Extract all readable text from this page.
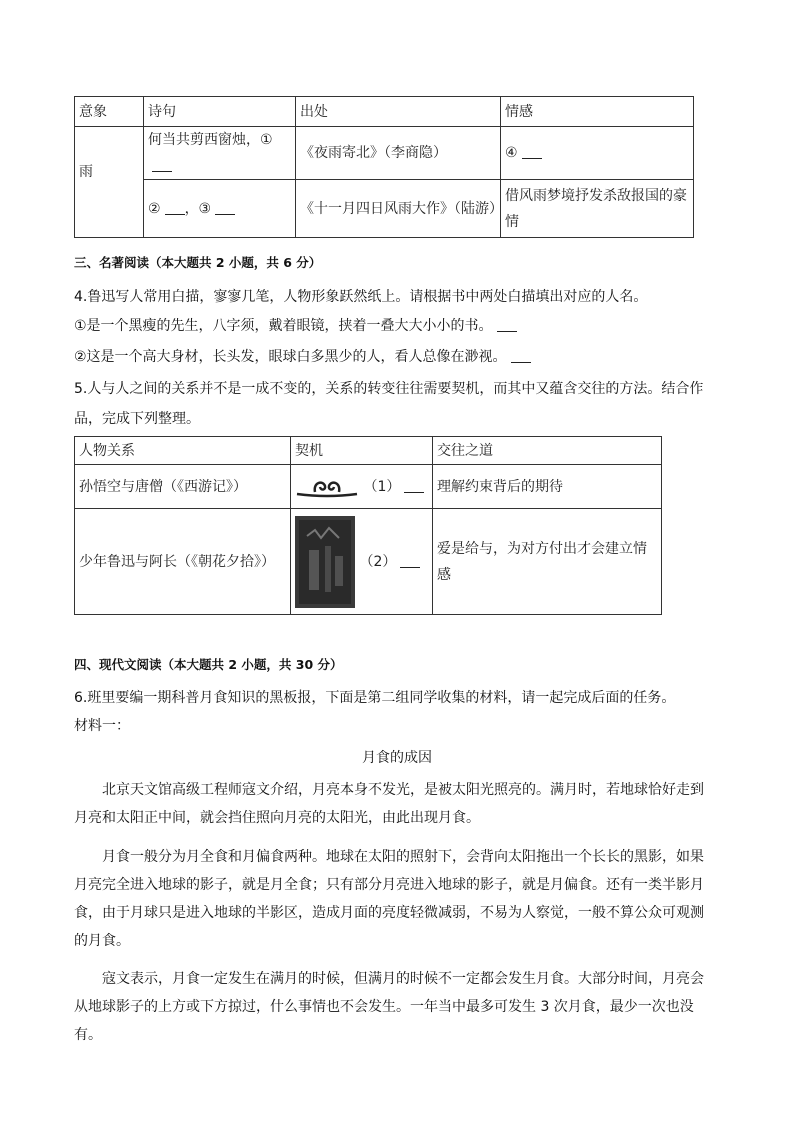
意象	诗句	出处	情感
雨	何当共剪西窗烛，①	《夜雨寄北》（李商隐）	④
	② ，③	《十一月四日风雨大作》（陆游）	借风雨梦境抒发杀敌报国的豪情
三、名著阅读（本大题共 2 小题，共 6 分）
4.鲁迅写人常用白描，寥寥几笔，人物形象跃然纸上。请根据书中两处白描填出对应的人名。
①是一个黑瘦的先生，八字须，戴着眼镜，挟着一叠大大小小的书。
②这是一个高大身材，长头发，眼球白多黑少的人，看人总像在渺视。
5.人与人之间的关系并不是一成不变的，关系的转变往往需要契机，而其中又蕴含交往的方法。结合作品，完成下列整理。
人物关系	契机	交往之道
孙悟空与唐僧（《西游记》）	（1）	理解约束背后的期待
少年鲁迅与阿长（《朝花夕拾》）	（2）	爱是给与，为对方付出才会建立情感
四、现代文阅读（本大题共 2 小题，共 30 分）
6.班里要编一期科普月食知识的黑板报，下面是第二组同学收集的材料，请一起完成后面的任务。
材料一：
月食的成因
北京天文馆高级工程师寇文介绍，月亮本身不发光，是被太阳光照亮的。满月时，若地球恰好走到月亮和太阳正中间，就会挡住照向月亮的太阳光，由此出现月食。
月食一般分为月全食和月偏食两种。地球在太阳的照射下，会背向太阳拖出一个长长的黑影，如果月亮完全进入地球的影子，就是月全食；只有部分月亮进入地球的影子，就是月偏食。还有一类半影月食，由于月球只是进入地球的半影区，造成月面的亮度轻微减弱，不易为人察觉，一般不算公众可观测的月食。
寇文表示，月食一定发生在满月的时候，但满月的时候不一定都会发生月食。大部分时间，月亮会从地球影子的上方或下方掠过，什么事情也不会发生。一年当中最多可发生 3 次月食，最少一次也没有。
